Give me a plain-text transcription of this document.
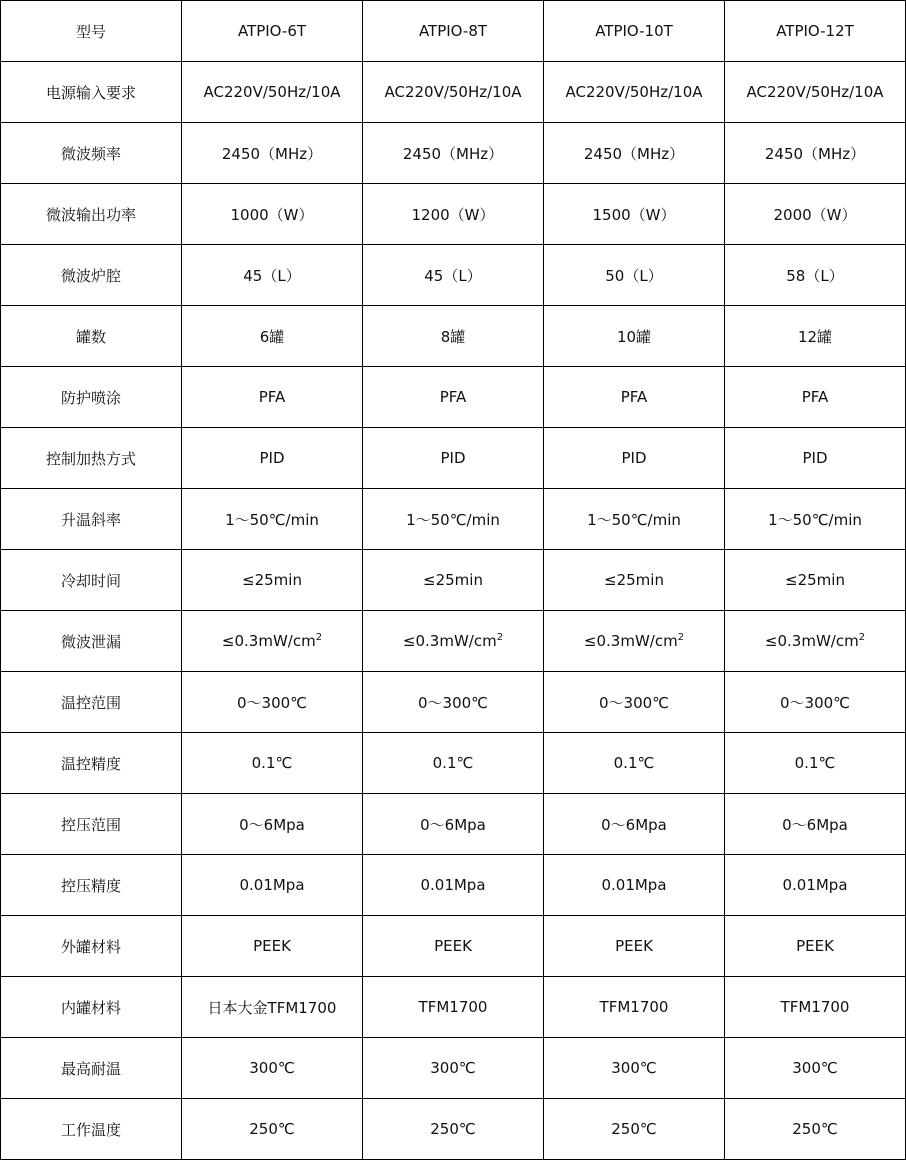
型号	ATPIO-6T	ATPIO-8T	ATPIO-10T	ATPIO-12T
电源输入要求	AC220V/50Hz/10A	AC220V/50Hz/10A	AC220V/50Hz/10A	AC220V/50Hz/10A
微波频率	2450（MHz）	2450（MHz）	2450（MHz）	2450（MHz）
微波输出功率	1000（W）	1200（W）	1500（W）	2000（W）
微波炉腔	45（L）	45（L）	50（L）	58（L）
罐数	6罐	8罐	10罐	12罐
防护喷涂	PFA	PFA	PFA	PFA
控制加热方式	PID	PID	PID	PID
升温斜率	1～50℃/min	1～50℃/min	1～50℃/min	1～50℃/min
冷却时间	≤25min	≤25min	≤25min	≤25min
微波泄漏	$\le 0.3mW/cm^2$	$\le 0.3mW/cm^2$	$\le 0.3mW/cm^2$	$\le 0.3mW/cm^2$
温控范围	0～300℃	0～300℃	0～300℃	0～300℃
温控精度	0.1℃	0.1℃	0.1℃	0.1℃
控压范围	0～6Mpa	0～6Mpa	0～6Mpa	0～6Mpa
控压精度	0.01Mpa	0.01Mpa	0.01Mpa	0.01Mpa
外罐材料	PEEK	PEEK	PEEK	PEEK
内罐材料	日本大金TFM1700	TFM1700	TFM1700	TFM1700
最高耐温	300℃	300℃	300℃	300℃
工作温度	250℃	250℃	250℃	250℃
